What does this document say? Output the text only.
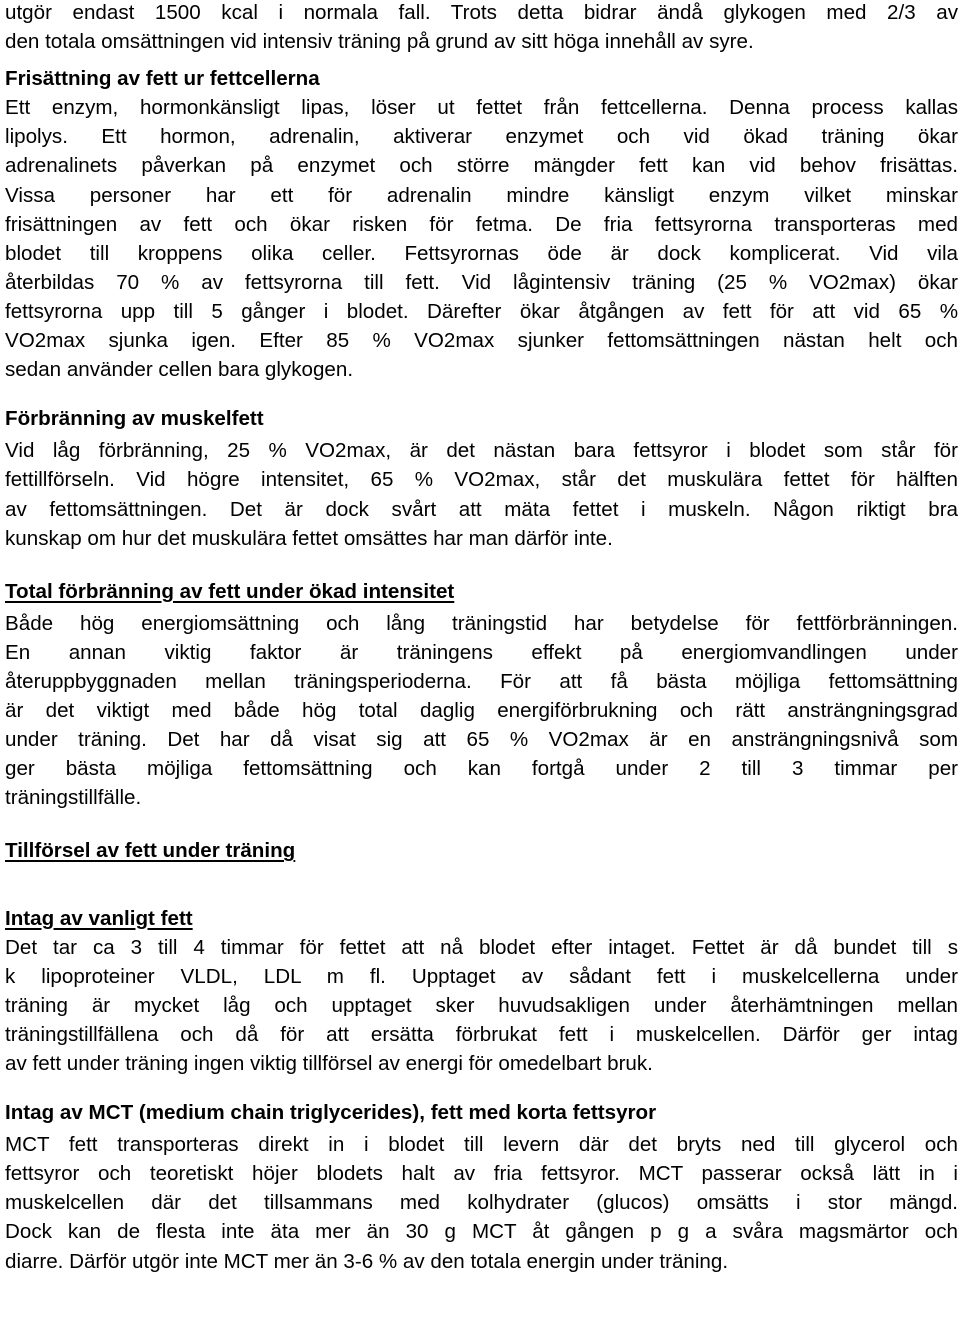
utgör endast 1500 kcal i normala fall. Trots detta bidrar ändå glykogen med 2/3 av
den totala omsättningen vid intensiv träning på grund av sitt höga innehåll av syre.
Frisättning av fett ur fettcellerna
Ett enzym, hormonkänsligt lipas, löser ut fettet från fettcellerna. Denna process kallas
lipolys. Ett hormon, adrenalin, aktiverar enzymet och vid ökad träning ökar
adrenalinets påverkan på enzymet och större mängder fett kan vid behov frisättas.
Vissa personer har ett för adrenalin mindre känsligt enzym vilket minskar
frisättningen av fett och ökar risken för fetma. De fria fettsyrorna transporteras med
blodet till kroppens olika celler. Fettsyrornas öde är dock komplicerat. Vid vila
återbildas 70 % av fettsyrorna till fett. Vid lågintensiv träning (25 % VO2max) ökar
fettsyrorna upp till 5 gånger i blodet. Därefter ökar åtgången av fett för att vid 65 %
VO2max sjunka igen. Efter 85 % VO2max sjunker fettomsättningen nästan helt och
sedan använder cellen bara glykogen.
Förbränning av muskelfett
Vid låg förbränning, 25 % VO2max, är det nästan bara fettsyror i blodet som står för
fettillförseln. Vid högre intensitet, 65 % VO2max, står det muskulära fettet för hälften
av fettomsättningen. Det är dock svårt att mäta fettet i muskeln. Någon riktigt bra
kunskap om hur det muskulära fettet omsättes har man därför inte.
Total förbränning av fett under ökad intensitet
Både hög energiomsättning och lång träningstid har betydelse för fettförbränningen.
En annan viktig faktor är träningens effekt på energiomvandlingen under
återuppbyggnaden mellan träningsperioderna. För att få bästa möjliga fettomsättning
är det viktigt med både hög total daglig energiförbrukning och rätt ansträngningsgrad
under träning. Det har då visat sig att 65 % VO2max är en ansträngningsnivå som
ger bästa möjliga fettomsättning och kan fortgå under 2 till 3 timmar per
träningstillfälle.
Tillförsel av fett under träning
Intag av vanligt fett
Det tar ca 3 till 4 timmar för fettet att nå blodet efter intaget. Fettet är då bundet till s
k lipoproteiner VLDL, LDL m fl. Upptaget av sådant fett i muskelcellerna under
träning är mycket låg och upptaget sker huvudsakligen under återhämtningen mellan
träningstillfällena och då för att ersätta förbrukat fett i muskelcellen. Därför ger intag
av fett under träning ingen viktig tillförsel av energi för omedelbart bruk.
Intag av MCT (medium chain triglycerides), fett med korta fettsyror
MCT fett transporteras direkt in i blodet till levern där det bryts ned till glycerol och
fettsyror och teoretiskt höjer blodets halt av fria fettsyror. MCT passerar också lätt in i
muskelcellen där det tillsammans med kolhydrater (glucos) omsätts i stor mängd.
Dock kan de flesta inte äta mer än 30 g MCT åt gången p g a svåra magsmärtor och
diarre. Därför utgör inte MCT mer än 3-6 % av den totala energin under träning.
